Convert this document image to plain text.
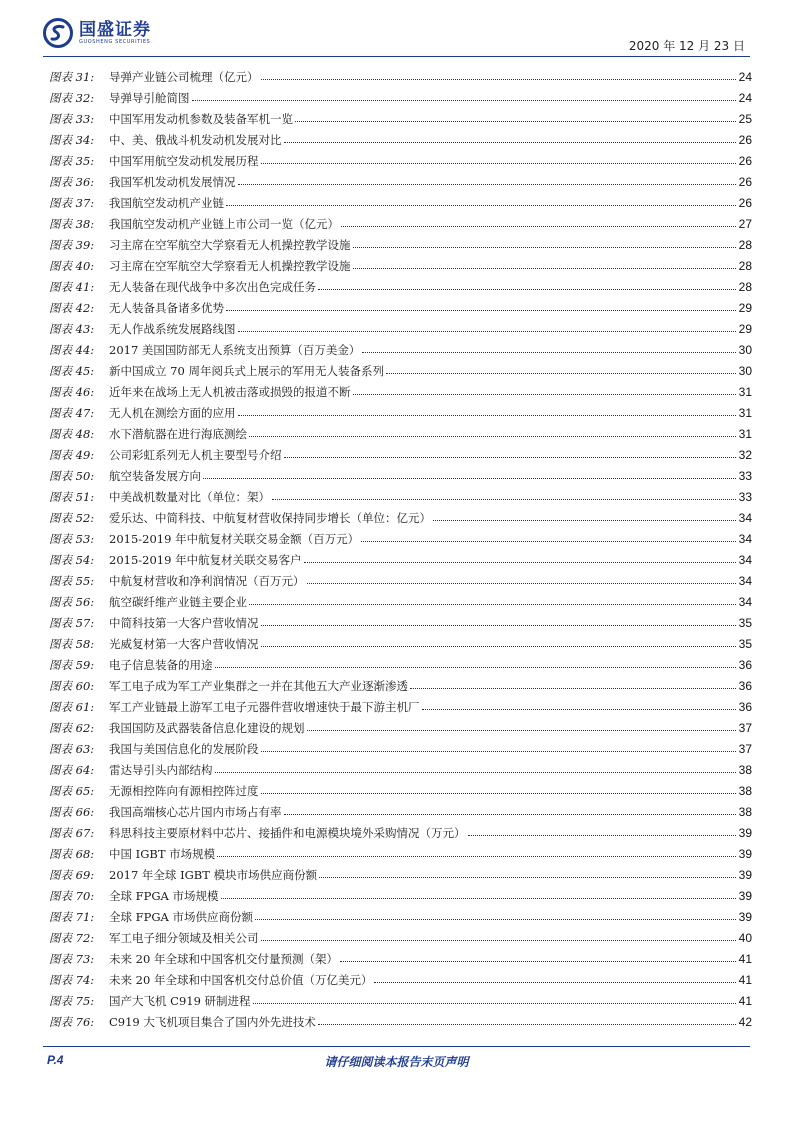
国盛证券
GUOSHENG SECURITIES	2020 年 12 月 23 日
图表 31:	导弹产业链公司梳理（亿元）	24
图表 32:	导弹导引舱简图	24
图表 33:	中国军用发动机参数及装备军机一览	25
图表 34:	中、美、俄战斗机发动机发展对比	26
图表 35:	中国军用航空发动机发展历程	26
图表 36:	我国军机发动机发展情况	26
图表 37:	我国航空发动机产业链	26
图表 38:	我国航空发动机产业链上市公司一览（亿元）	27
图表 39:	习主席在空军航空大学察看无人机操控教学设施	28
图表 40:	习主席在空军航空大学察看无人机操控教学设施	28
图表 41:	无人装备在现代战争中多次出色完成任务	28
图表 42:	无人装备具备诸多优势	29
图表 43:	无人作战系统发展路线图	29
图表 44:	2017 美国国防部无人系统支出预算（百万美金）	30
图表 45:	新中国成立 70 周年阅兵式上展示的军用无人装备系列	30
图表 46:	近年来在战场上无人机被击落或损毁的报道不断	31
图表 47:	无人机在测绘方面的应用	31
图表 48:	水下潜航器在进行海底测绘	31
图表 49:	公司彩虹系列无人机主要型号介绍	32
图表 50:	航空装备发展方向	33
图表 51:	中美战机数量对比（单位：架）	33
图表 52:	爱乐达、中简科技、中航复材营收保持同步增长（单位：亿元）	34
图表 53:	2015-2019 年中航复材关联交易金额（百万元）	34
图表 54:	2015-2019 年中航复材关联交易客户	34
图表 55:	中航复材营收和净利润情况（百万元）	34
图表 56:	航空碳纤维产业链主要企业	34
图表 57:	中简科技第一大客户营收情况	35
图表 58:	光威复材第一大客户营收情况	35
图表 59:	电子信息装备的用途	36
图表 60:	军工电子成为军工产业集群之一并在其他五大产业逐渐渗透	36
图表 61:	军工产业链最上游军工电子元器件营收增速快于最下游主机厂	36
图表 62:	我国国防及武器装备信息化建设的规划	37
图表 63:	我国与美国信息化的发展阶段	37
图表 64:	雷达导引头内部结构	38
图表 65:	无源相控阵向有源相控阵过度	38
图表 66:	我国高端核心芯片国内市场占有率	38
图表 67:	科思科技主要原材料中芯片、接插件和电源模块境外采购情况（万元）	39
图表 68:	中国 IGBT 市场规模	39
图表 69:	2017 年全球 IGBT 模块市场供应商份额	39
图表 70:	全球 FPGA 市场规模	39
图表 71:	全球 FPGA 市场供应商份额	39
图表 72:	军工电子细分领域及相关公司	40
图表 73:	未来 20 年全球和中国客机交付量预测（架）	41
图表 74:	未来 20 年全球和中国客机交付总价值（万亿美元）	41
图表 75:	国产大飞机 C919 研制进程	41
图表 76:	C919 大飞机项目集合了国内外先进技术	42
P.4	请仔细阅读本报告末页声明
